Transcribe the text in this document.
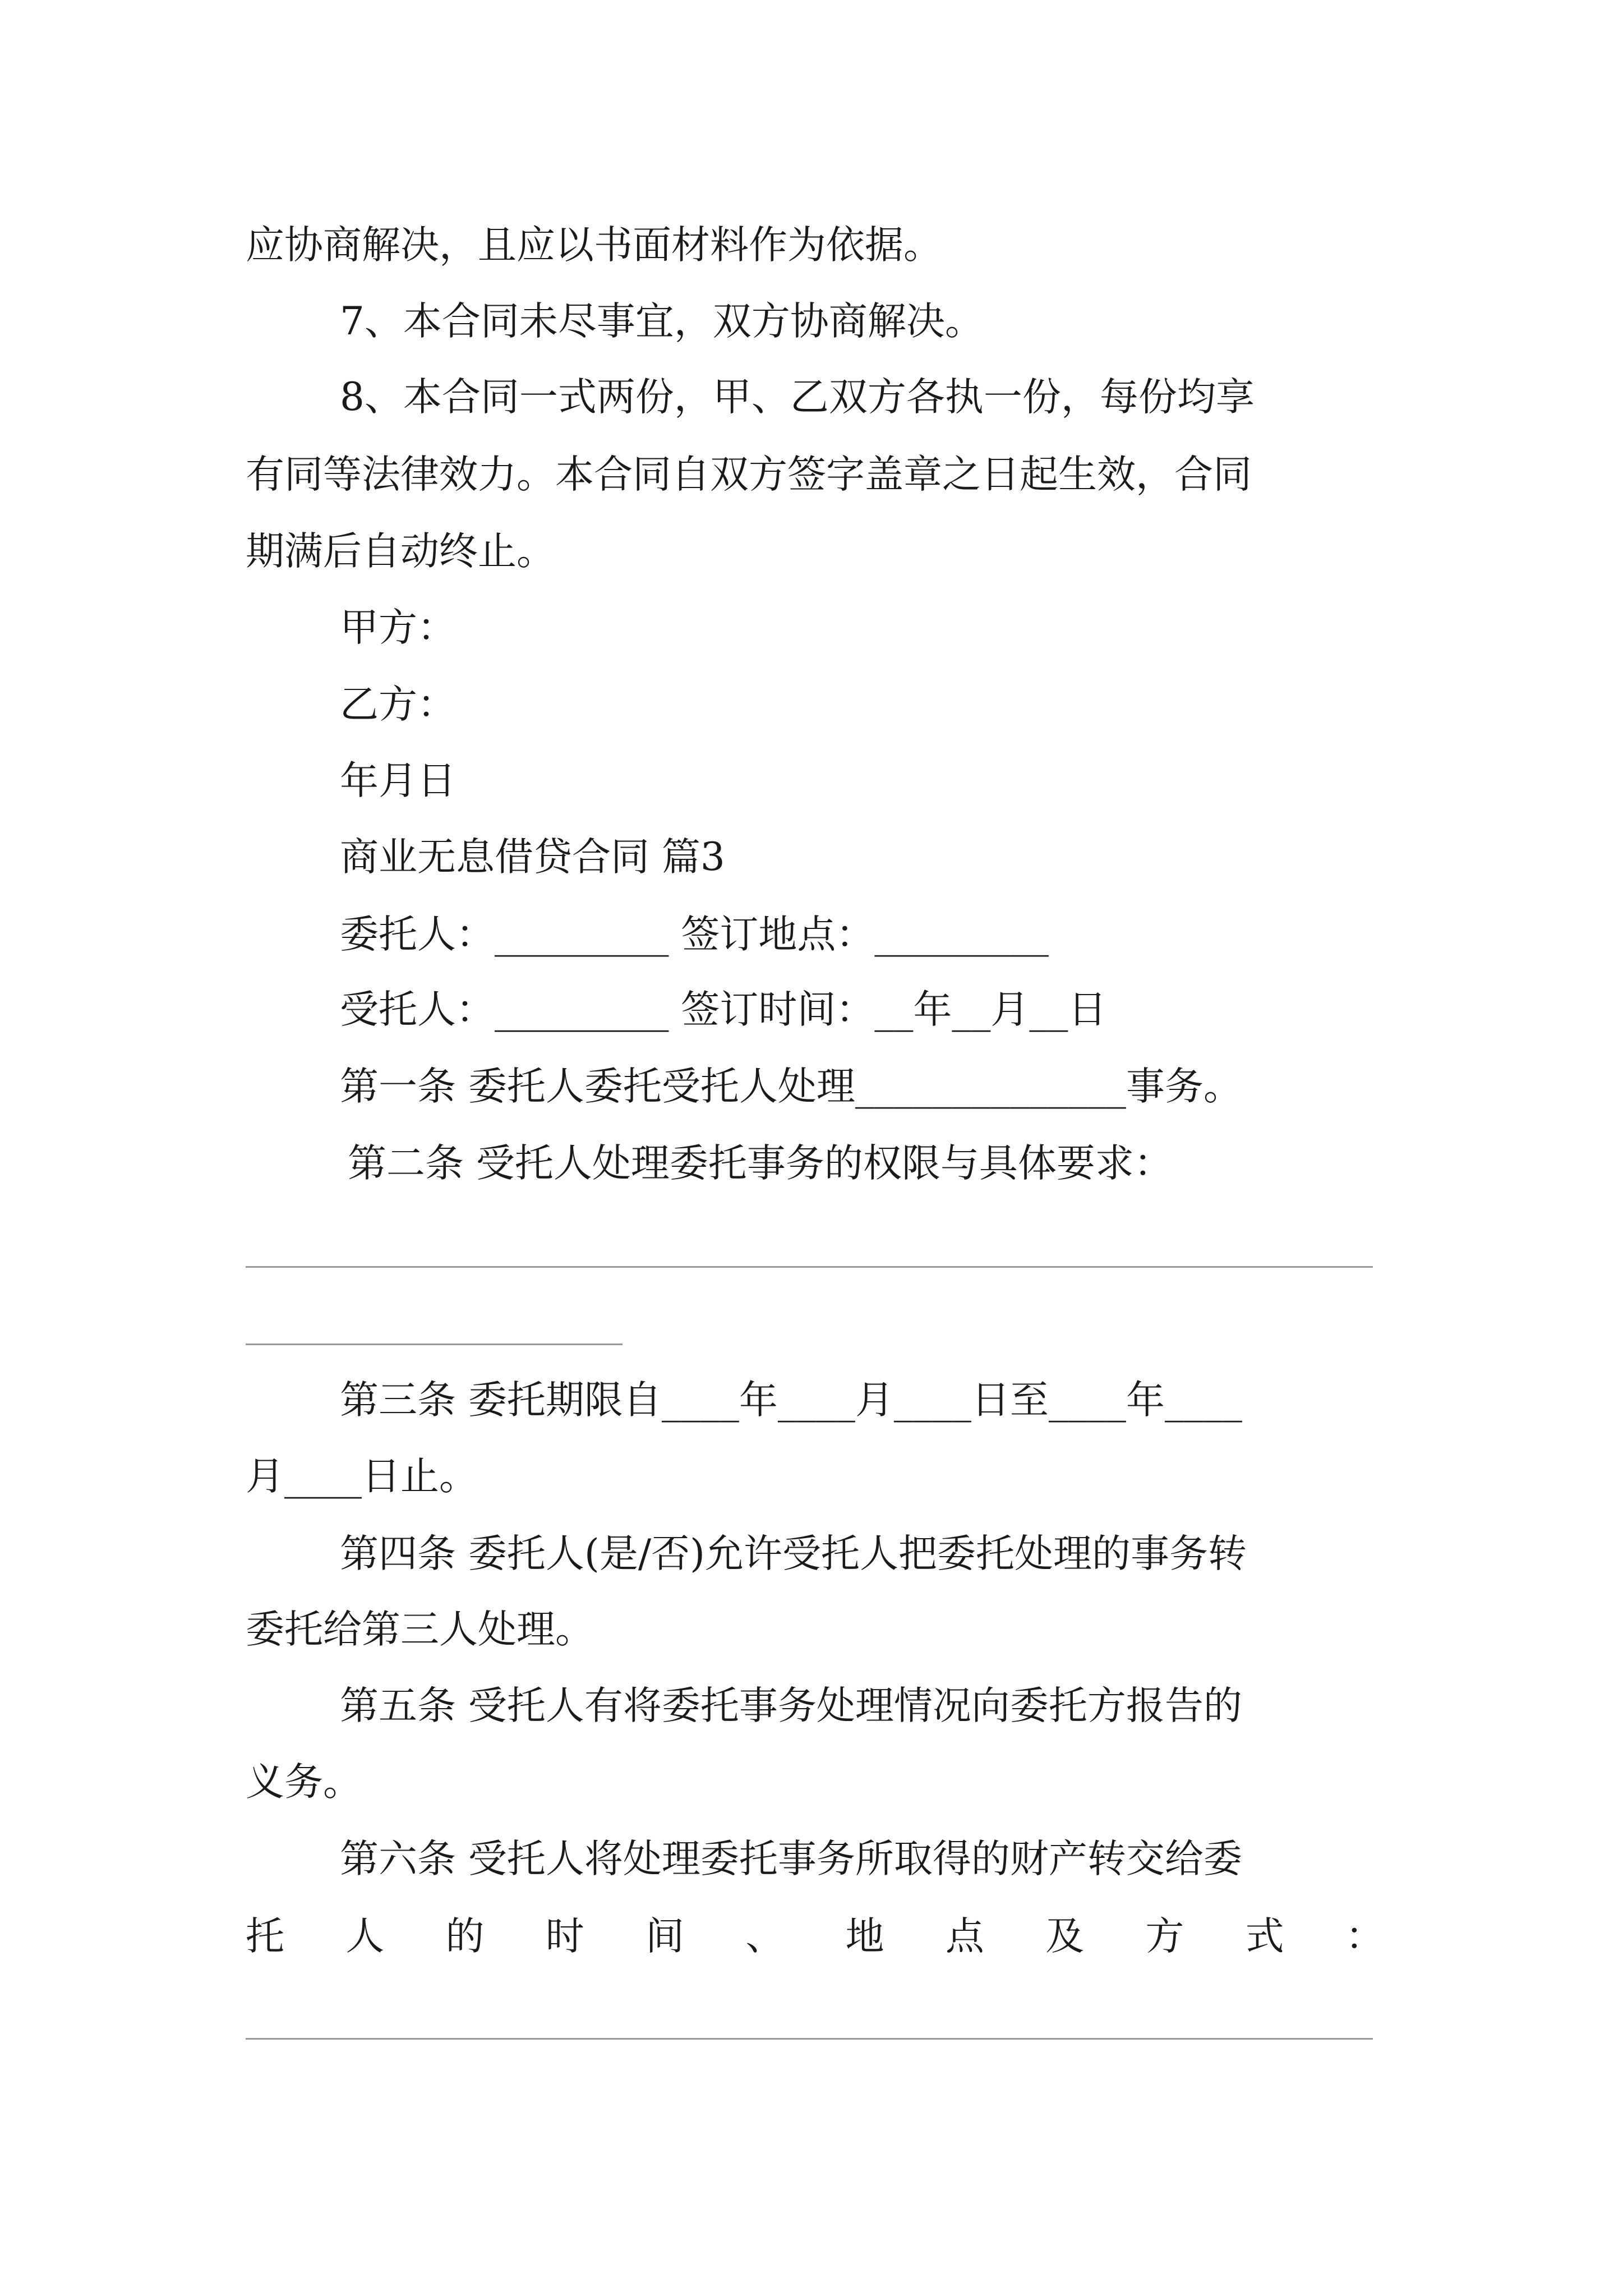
应协商解决，且应以书面材料作为依据。

7、本合同未尽事宜，双方协商解决。

8、本合同一式两份，甲、乙双方各执一份，每份均享

有同等法律效力。本合同自双方签字盖章之日起生效，合同

期满后自动终止。

甲方：

乙方：

年月日

商业无息借贷合同 篇3

委托人：_________ 签订地点：_________

受托人：_________ 签订时间：__年__月__日

第一条 委托人委托受托人处理______________事务。

第二条 受托人处理委托事务的权限与具体要求：

第三条 委托期限自____年____月____日至____年____

月____日止。

第四条 委托人(是/否)允许受托人把委托处理的事务转

委托给第三人处理。

第五条 受托人有将委托事务处理情况向委托方报告的

义务。

第六条 受托人将处理委托事务所取得的财产转交给委

托 人 的 时 间 、 地 点 及 方 式 ：
